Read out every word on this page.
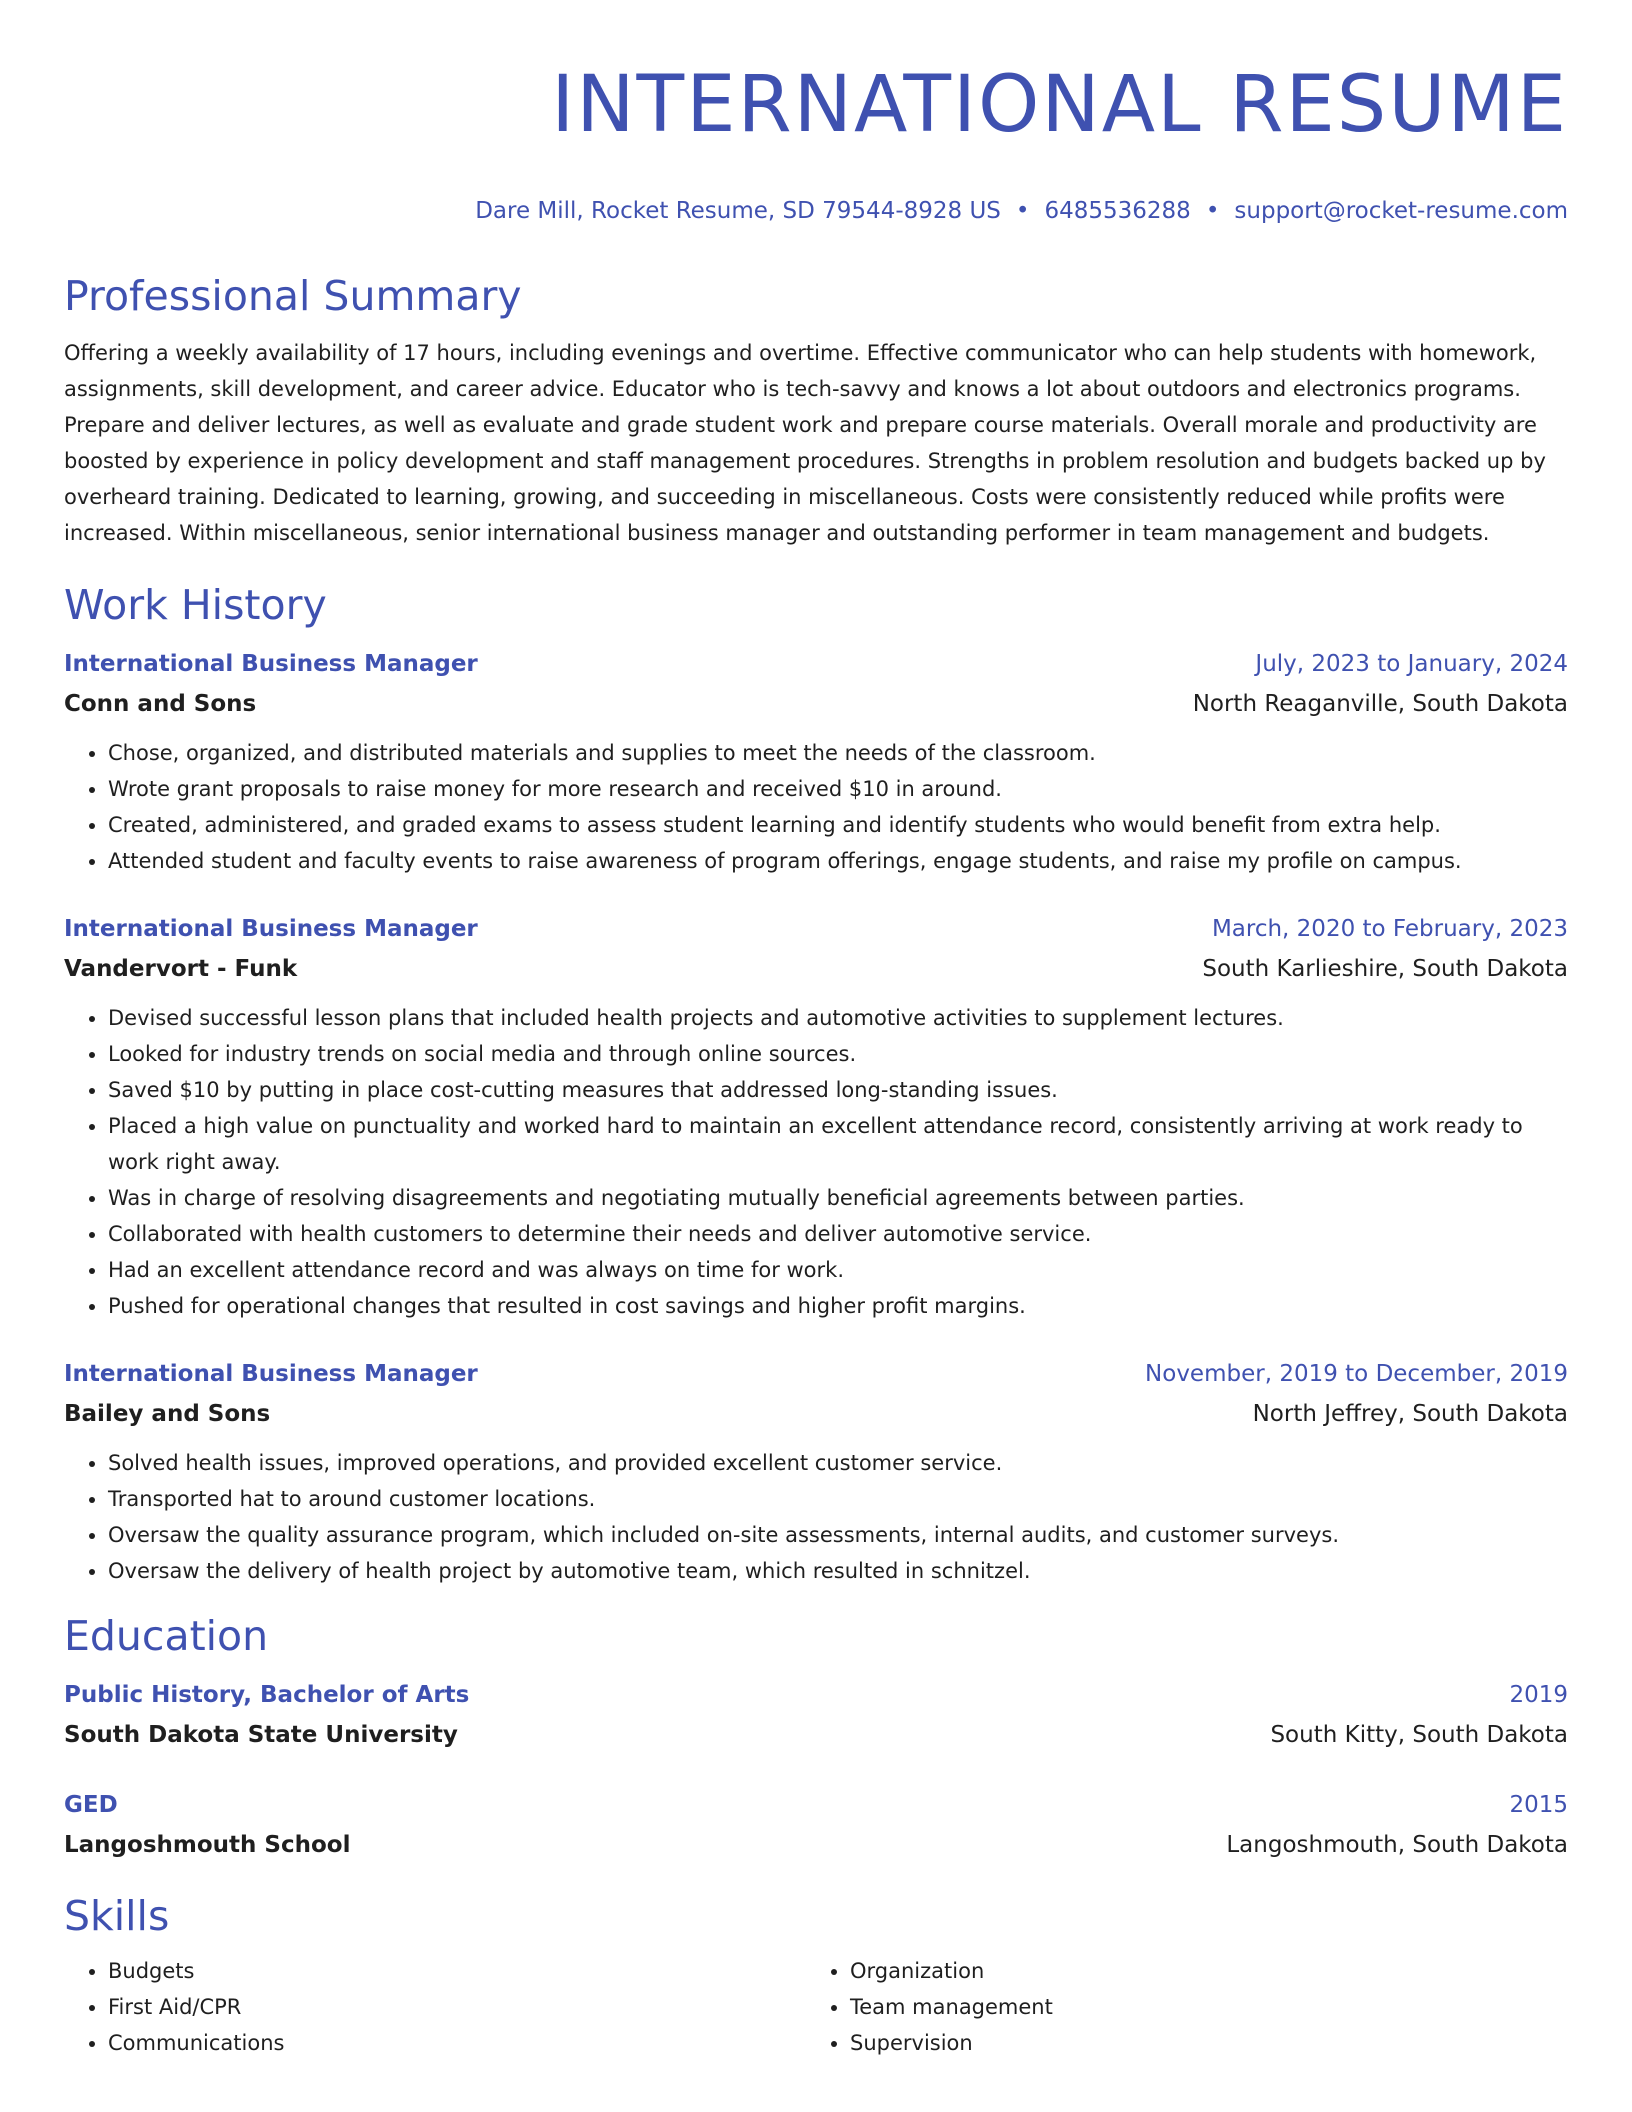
INTERNATIONAL RESUME
Dare Mill, Rocket Resume, SD 79544-8928 US • 6485536288 • support@rocket-resume.com
Professional Summary
Offering a weekly availability of 17 hours, including evenings and overtime. Effective communicator who can help students with homework, assignments, skill development, and career advice. Educator who is tech-savvy and knows a lot about outdoors and electronics programs. Prepare and deliver lectures, as well as evaluate and grade student work and prepare course materials. Overall morale and productivity are boosted by experience in policy development and staff management procedures. Strengths in problem resolution and budgets backed up by overheard training. Dedicated to learning, growing, and succeeding in miscellaneous. Costs were consistently reduced while profits were increased. Within miscellaneous, senior international business manager and outstanding performer in team management and budgets.
Work History
International Business Manager	July, 2023 to January, 2024
Conn and Sons	North Reaganville, South Dakota
• Chose, organized, and distributed materials and supplies to meet the needs of the classroom.
• Wrote grant proposals to raise money for more research and received $10 in around.
• Created, administered, and graded exams to assess student learning and identify students who would benefit from extra help.
• Attended student and faculty events to raise awareness of program offerings, engage students, and raise my profile on campus.
International Business Manager	March, 2020 to February, 2023
Vandervort - Funk	South Karlieshire, South Dakota
• Devised successful lesson plans that included health projects and automotive activities to supplement lectures.
• Looked for industry trends on social media and through online sources.
• Saved $10 by putting in place cost-cutting measures that addressed long-standing issues.
• Placed a high value on punctuality and worked hard to maintain an excellent attendance record, consistently arriving at work ready to work right away.
• Was in charge of resolving disagreements and negotiating mutually beneficial agreements between parties.
• Collaborated with health customers to determine their needs and deliver automotive service.
• Had an excellent attendance record and was always on time for work.
• Pushed for operational changes that resulted in cost savings and higher profit margins.
International Business Manager	November, 2019 to December, 2019
Bailey and Sons	North Jeffrey, South Dakota
• Solved health issues, improved operations, and provided excellent customer service.
• Transported hat to around customer locations.
• Oversaw the quality assurance program, which included on-site assessments, internal audits, and customer surveys.
• Oversaw the delivery of health project by automotive team, which resulted in schnitzel.
Education
Public History, Bachelor of Arts	2019
South Dakota State University	South Kitty, South Dakota
GED	2015
Langoshmouth School	Langoshmouth, South Dakota
Skills
• Budgets
• First Aid/CPR
• Communications
• Organization
• Team management
• Supervision
